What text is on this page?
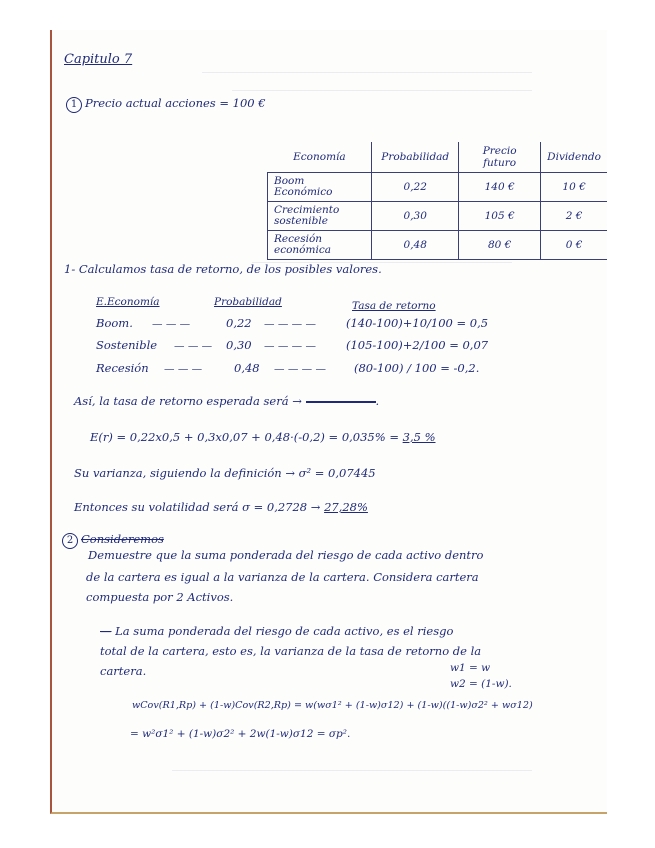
Capitulo 7
1 Precio actual acciones = 100 €
Economía	Probabilidad	Precio futuro	Dividendo
Boom Económico	0,22	140 €	10 €
Crecimiento sostenible	0,30	105 €	2 €
Recesión económica	0,48	80 €	0 €
1- Calculamos tasa de retorno, de los posibles valores.
E.Economía	Probabilidad	Tasa de retorno
Boom. — — —	0,22 — — — —	(140-100)+10/100 = 0,5
Sostenible — — — 0,30 — — — —	(105-100)+2/100 = 0,07
Recesión — — —	0,48 — — — — (80-100) / 100 = -0,2.
Así, la tasa de retorno esperada será →	.
E(r) = 0,22x0,5 + 0,3x0,07 + 0,48·(-0,2) = 0,035% = 3,5 %
Su varianza, siguiendo la definición → σ² = 0,07445
Entonces su volatilidad será σ = 0,2728 → 27,28%
2 Consideremos
Demuestre que la suma ponderada del riesgo de cada activo dentro
de la cartera es igual a la varianza de la cartera. Considera cartera
compuesta por 2 Activos.
— La suma ponderada del riesgo de cada activo, es el riesgo
total de la cartera, esto es, la varianza de la tasa de retorno de la
cartera.	w1 = w
w2 = (1-w).
wCov(R1,Rp) + (1-w)Cov(R2,Rp) = w(wσ1² + (1-w)σ12) + (1-w)((1-w)σ2² + wσ12)
= w²σ1² + (1-w)σ2² + 2w(1-w)σ12 = σp².
